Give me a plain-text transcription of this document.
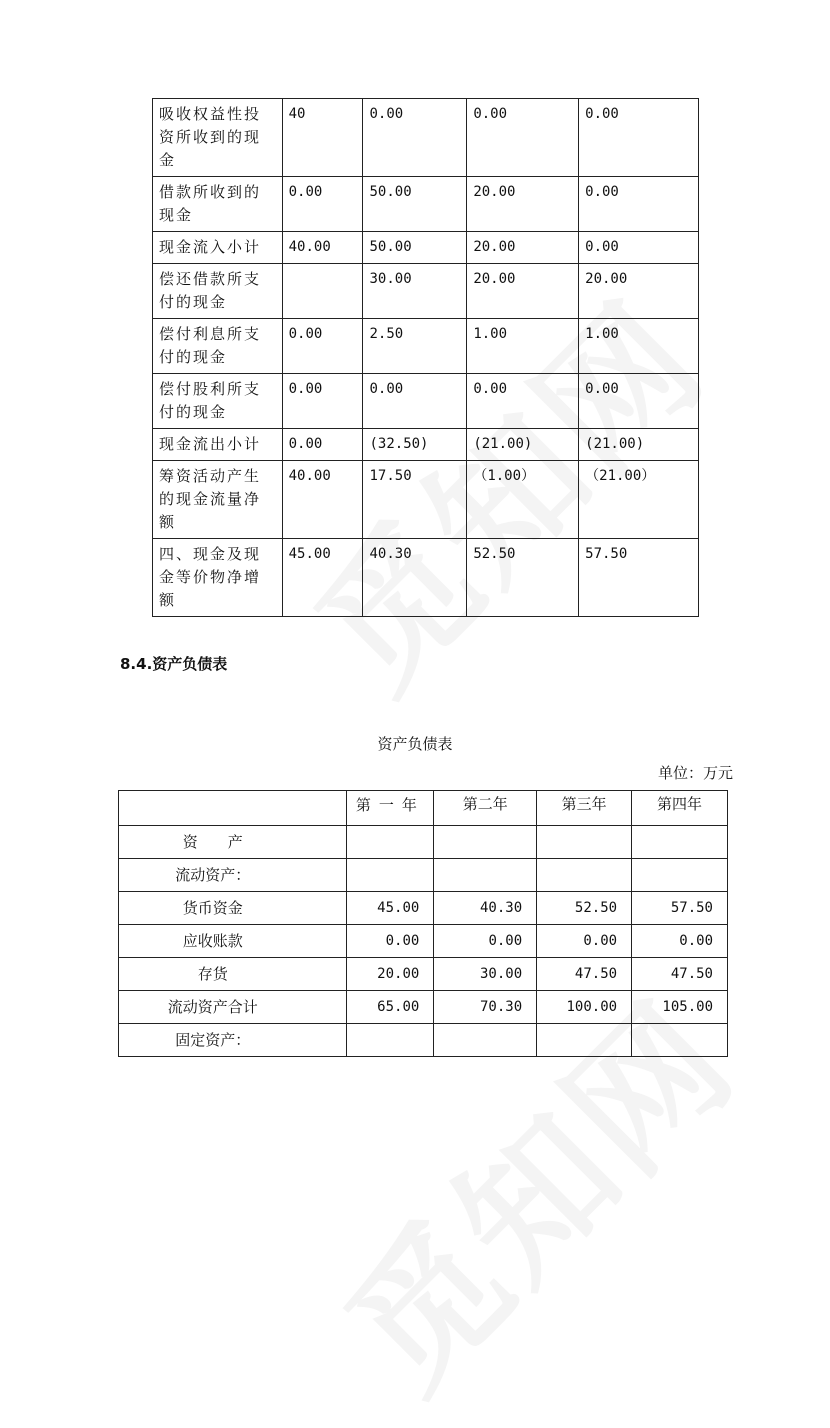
吸收权益性投资所收到的现金	40	0.00	0.00	0.00
借款所收到的现金	0.00	50.00	20.00	0.00
现金流入小计	40.00	50.00	20.00	0.00
偿还借款所支付的现金		30.00	20.00	20.00
偿付利息所支付的现金	0.00	2.50	1.00	1.00
偿付股利所支付的现金	0.00	0.00	0.00	0.00
现金流出小计	0.00	(32.50)	(21.00)	(21.00)
筹资活动产生的现金流量净额	40.00	17.50	（1.00）	（21.00）
四、现金及现金等价物净增额	45.00	40.30	52.50	57.50
8.4.资产负债表
资产负债表
单位：万元

	第一年	第二年	第三年	第四年
资　　产				
流动资产：				
货币资金	45.00	40.30	52.50	57.50
应收账款	0.00	0.00	0.00	0.00
存货	20.00	30.00	47.50	47.50
流动资产合计	65.00	70.30	100.00	105.00
固定资产：				
